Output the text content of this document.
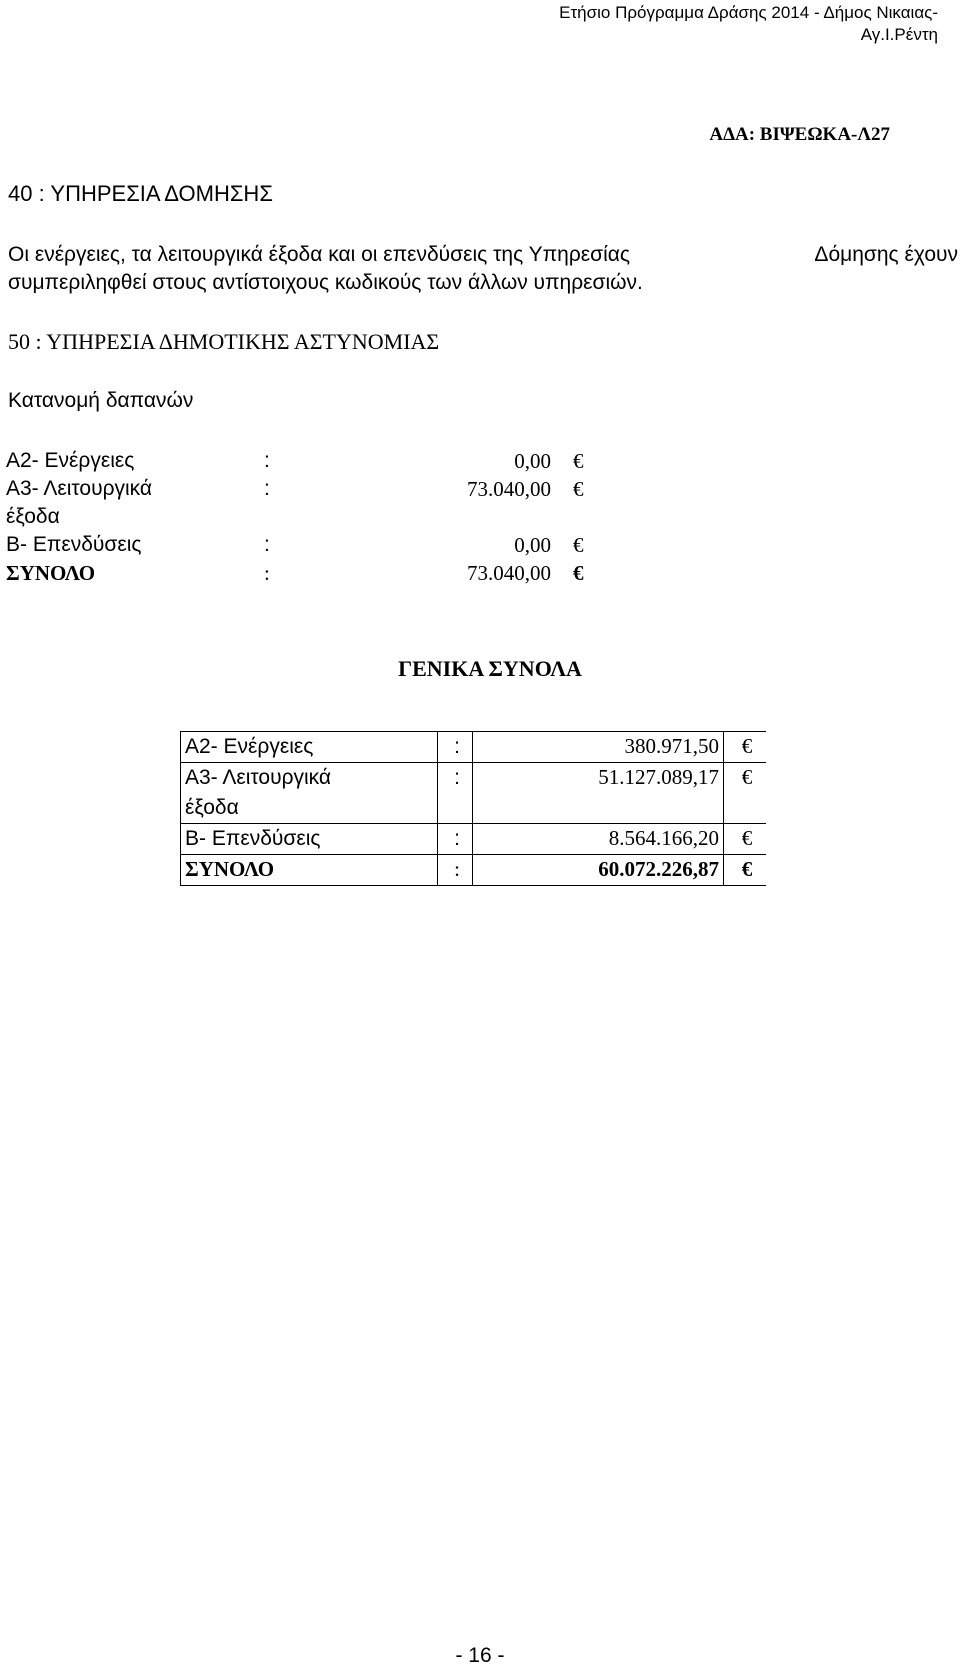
Ετήσιο Πρόγραμμα Δράσης 2014 - Δήμος Νικαιας-
Αγ.Ι.Ρέντη
ΑΔΑ: ΒΙΨΕΩΚΑ-Λ27
40 : ΥΠΗΡΕΣΙΑ ΔΟΜΗΣΗΣ
Οι ενέργειες, τα λειτουργικά έξοδα και οι επενδύσεις της Υπηρεσίας	Δόμησης έχουν
συμπεριληφθεί στους αντίστοιχους κωδικούς των άλλων υπηρεσιών.
50 : ΥΠΗΡΕΣΙΑ ΔΗΜΟΤΙΚΗΣ ΑΣΤΥΝΟΜΙΑΣ
Κατανομή δαπανών
Α2- Ενέργειες	:	0,00	€
Α3- Λειτουργικά	:	73.040,00	€
έξοδα			
Β- Επενδύσεις	:	0,00	€
ΣΥΝΟΛΟ	:	73.040,00	€
ΓΕΝΙΚΑ ΣΥΝΟΛΑ
Α2- Ενέργειες	:	380.971,50	€
Α3- Λειτουργικά	:	51.127.089,17	€
έξοδα			
Β- Επενδύσεις	:	8.564.166,20	€
ΣΥΝΟΛΟ	:	60.072.226,87	€
- 16 -
